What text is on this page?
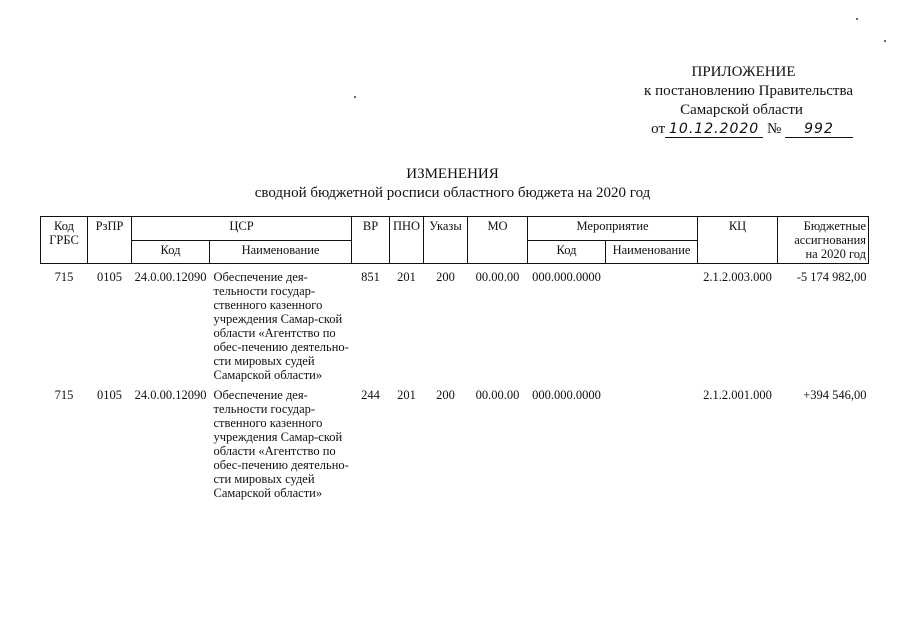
ПРИЛОЖЕНИЕ
к постановлению Правительства
Самарской области
от 10.12.2020 № 992
ИЗМЕНЕНИЯ
сводной бюджетной росписи областного бюджета на 2020 год
Код ГРБС	РзПР	ЦСР		ВР	ПНО	Указы	МО	Мероприятие		КЦ	Бюджетные ассигнования на 2020 год
		Код	Наименование					Код	Наименование		
715	0105	24.0.00.12090	Обеспечение дея-тельности государ-ственного казенного учреждения Самар-ской области «Агентство по обес-печению деятельно-сти мировых судей Самарской области»	851	201	200	00.00.00	000.000.0000		2.1.2.003.000	-5 174 982,00
715	0105	24.0.00.12090	Обеспечение дея-тельности государ-ственного казенного учреждения Самар-ской области «Агентство по обес-печению деятельно-сти мировых судей Самарской области»	244	201	200	00.00.00	000.000.0000		2.1.2.001.000	+394 546,00
